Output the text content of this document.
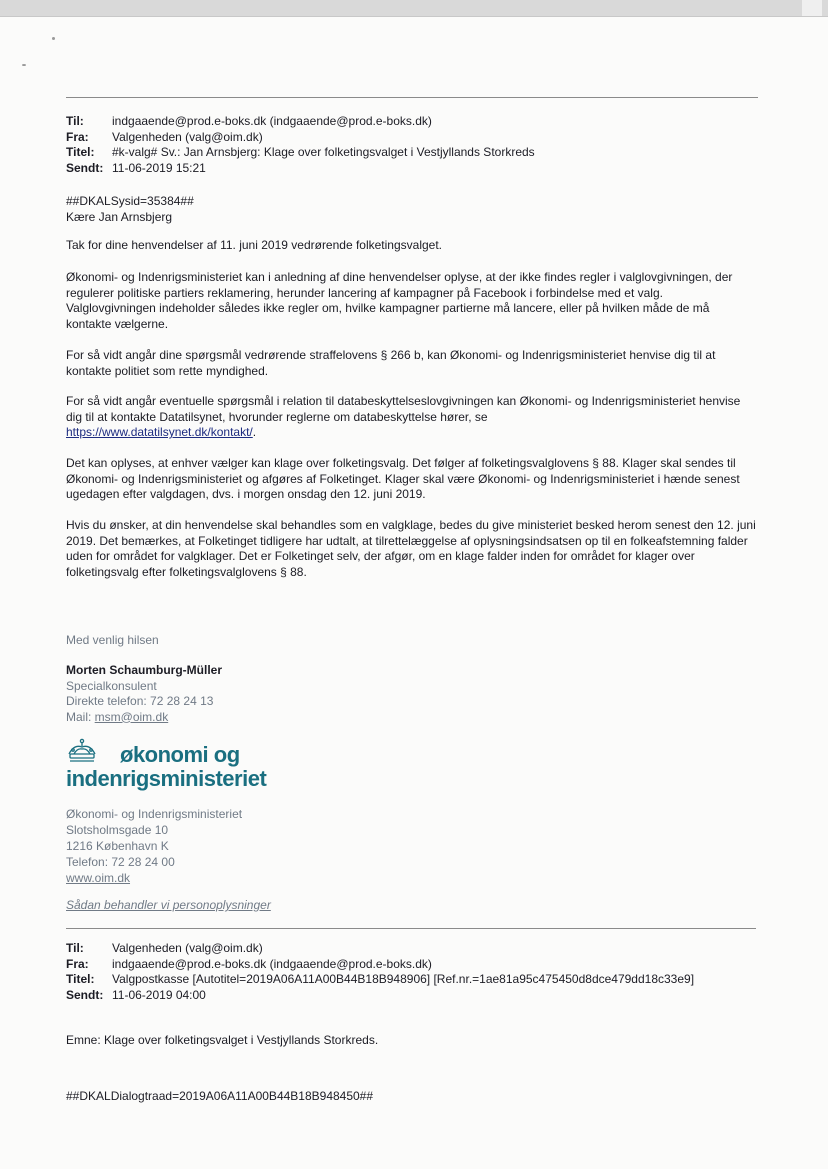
Til:	indgaaende@prod.e-boks.dk (indgaaende@prod.e-boks.dk)
Fra:	Valgenheden (valg@oim.dk)
Titel:	#k-valg# Sv.: Jan Arnsbjerg: Klage over folketingsvalget i Vestjyllands Storkreds
Sendt: 11-06-2019 15:21

##DKALSysid=35384##

Kære Jan Arnsbjerg

Tak for dine henvendelser af 11. juni 2019 vedrørende folketingsvalget.

Økonomi- og Indenrigsministeriet kan i anledning af dine henvendelser oplyse, at der ikke findes regler i valglovgivningen, der regulerer politiske partiers reklamering, herunder lancering af kampagner på Facebook i forbindelse med et valg. Valglovgivningen indeholder således ikke regler om, hvilke kampagner partierne må lancere, eller på hvilken måde de må kontakte vælgerne.

For så vidt angår dine spørgsmål vedrørende straffelovens § 266 b, kan Økonomi- og Indenrigsministeriet henvise dig til at kontakte politiet som rette myndighed.

For så vidt angår eventuelle spørgsmål i relation til databeskyttelseslovgivningen kan Økonomi- og Indenrigsministeriet henvise dig til at kontakte Datatilsynet, hvorunder reglerne om databeskyttelse hører, se
https://www.datatilsynet.dk/kontakt/.

Det kan oplyses, at enhver vælger kan klage over folketingsvalg. Det følger af folketingsvalglovens § 88. Klager skal sendes til Økonomi- og Indenrigsministeriet og afgøres af Folketinget. Klager skal være Økonomi- og Indenrigsministeriet i hænde senest ugedagen efter valgdagen, dvs. i morgen onsdag den 12. juni 2019.

Hvis du ønsker, at din henvendelse skal behandles som en valgklage, bedes du give ministeriet besked herom senest den 12. juni 2019. Det bemærkes, at Folketinget tidligere har udtalt, at tilrettelæggelse af oplysningsindsatsen op til en folkeafstemning falder uden for området for valgklager. Det er Folketinget selv, der afgør, om en klage falder inden for området for klager over folketingsvalg efter folketingsvalglovens § 88.

Med venlig hilsen
Morten Schaumburg-Müller
Specialkonsulent
Direkte telefon: 72 28 24 13
Mail: msm@oim.dk
økonomi og
indenrigsministeriet
Økonomi- og Indenrigsministeriet
Slotsholmsgade 10
1216 København K
Telefon: 72 28 24 00
www.oim.dk
Sådan behandler vi personoplysninger
Til:	Valgenheden (valg@oim.dk)
Fra:	indgaaende@prod.e-boks.dk (indgaaende@prod.e-boks.dk)
Titel:	Valgpostkasse [Autotitel=2019A06A11A00B44B18B948906] [Ref.nr.=1ae81a95c475450d8dce479dd18c33e9]
Sendt: 11-06-2019 04:00
Emne: Klage over folketingsvalget i Vestjyllands Storkreds.
##DKALDialogtraad=2019A06A11A00B44B18B948450##
